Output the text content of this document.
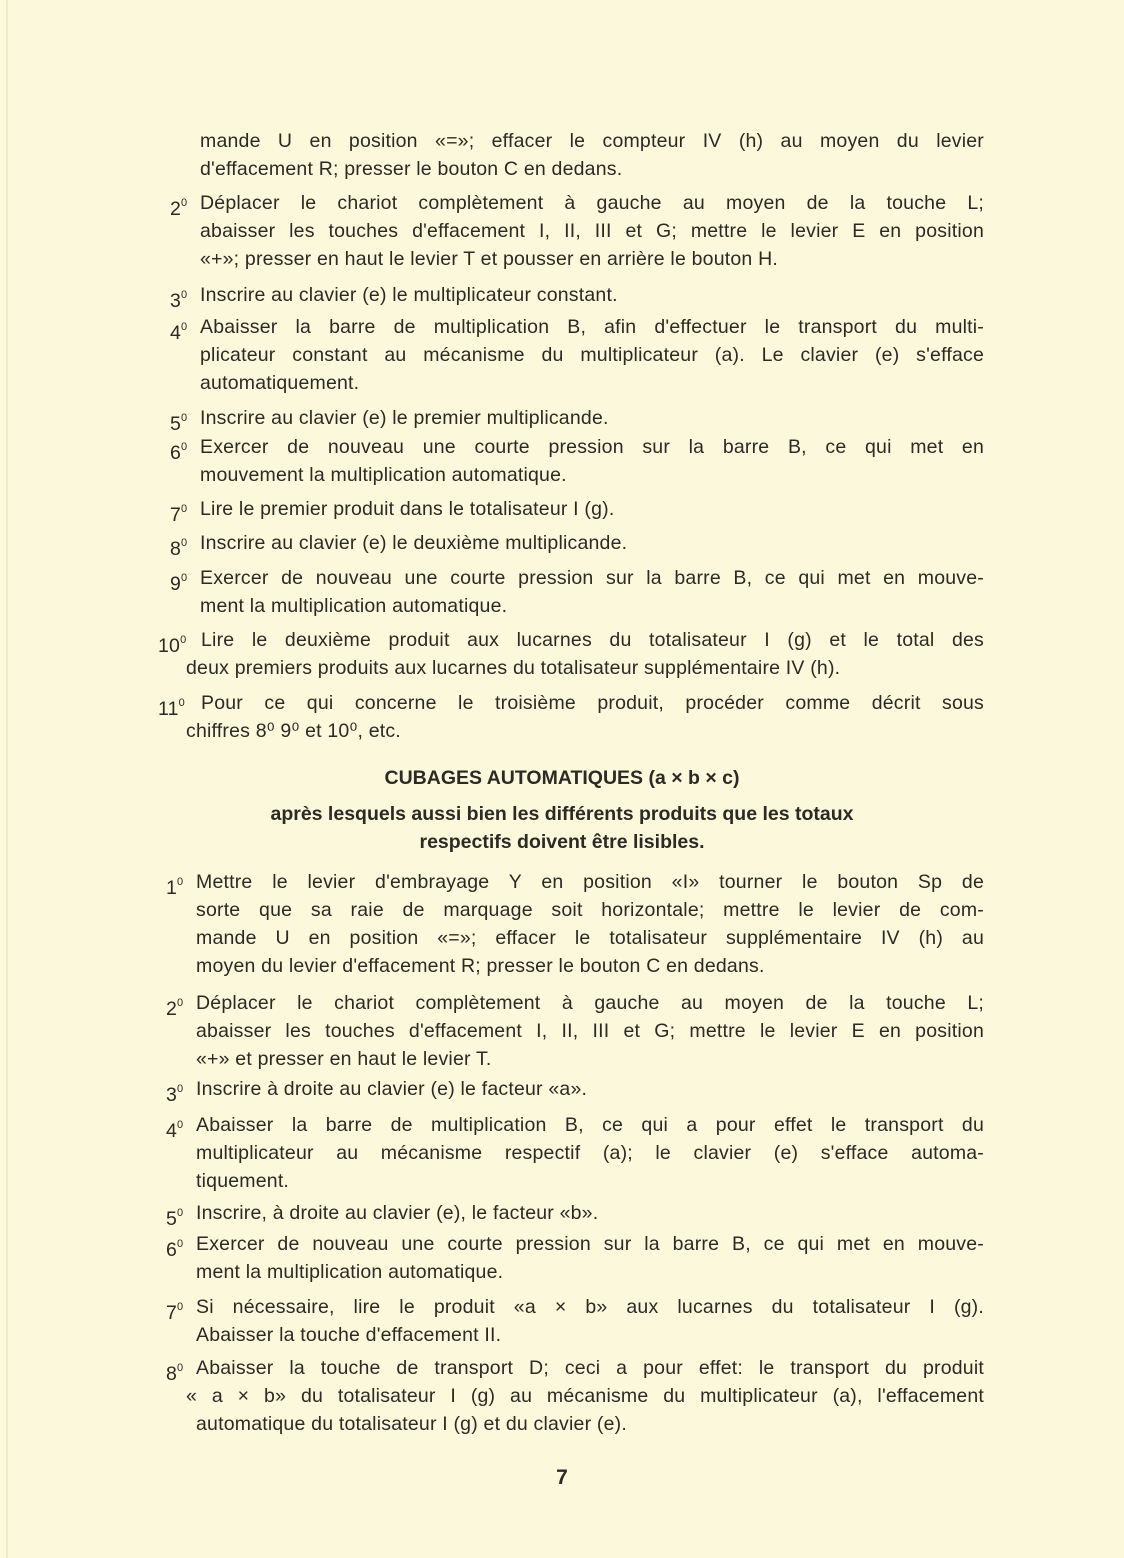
mande U en position «=»; effacer le compteur IV (h) au moyen du levier
d'effacement R; presser le bouton C en dedans.
$2^0$ Déplacer le chariot complètement à gauche au moyen de la touche L;
abaisser les touches d'effacement I, II, III et G; mettre le levier E en position
«+»; presser en haut le levier T et pousser en arrière le bouton H.
$3^0$ Inscrire au clavier (e) le multiplicateur constant.
$4^0$ Abaisser la barre de multiplication B, afin d'effectuer le transport du multi-
plicateur constant au mécanisme du multiplicateur (a). Le clavier (e) s'efface
automatiquement.
$5^0$ Inscrire au clavier (e) le premier multiplicande.
$6^0$ Exercer de nouveau une courte pression sur la barre B, ce qui met en
mouvement la multiplication automatique.
$7^0$ Lire le premier produit dans le totalisateur I (g).
$8^0$ Inscrire au clavier (e) le deuxième multiplicande.
$9^0$ Exercer de nouveau une courte pression sur la barre B, ce qui met en mouve-
ment la multiplication automatique.
$10^0$ Lire le deuxième produit aux lucarnes du totalisateur I (g) et le total des
deux premiers produits aux lucarnes du totalisateur supplémentaire IV (h).
$11^0$ Pour ce qui concerne le troisième produit, procéder comme décrit sous
chiffres 8⁰ 9⁰ et 10⁰, etc.
CUBAGES AUTOMATIQUES (a × b × c)
après lesquels aussi bien les différents produits que les totaux
respectifs doivent être lisibles.
$1^0$ Mettre le levier d'embrayage Y en position «I» tourner le bouton Sp de
sorte que sa raie de marquage soit horizontale; mettre le levier de com-
mande U en position «=»; effacer le totalisateur supplémentaire IV (h) au
moyen du levier d'effacement R; presser le bouton C en dedans.
$2^0$ Déplacer le chariot complètement à gauche au moyen de la touche L;
abaisser les touches d'effacement I, II, III et G; mettre le levier E en position
«+» et presser en haut le levier T.
$3^0$ Inscrire à droite au clavier (e) le facteur «a».
$4^0$ Abaisser la barre de multiplication B, ce qui a pour effet le transport du
multiplicateur au mécanisme respectif (a); le clavier (e) s'efface automa-
tiquement.
$5^0$ Inscrire, à droite au clavier (e), le facteur «b».
$6^0$ Exercer de nouveau une courte pression sur la barre B, ce qui met en mouve-
ment la multiplication automatique.
$7^0$ Si nécessaire, lire le produit «a × b» aux lucarnes du totalisateur I (g).
Abaisser la touche d'effacement II.
$8^0$ Abaisser la touche de transport D; ceci a pour effet: le transport du produit
« a × b» du totalisateur I (g) au mécanisme du multiplicateur (a), l'effacement
automatique du totalisateur I (g) et du clavier (e).
7
